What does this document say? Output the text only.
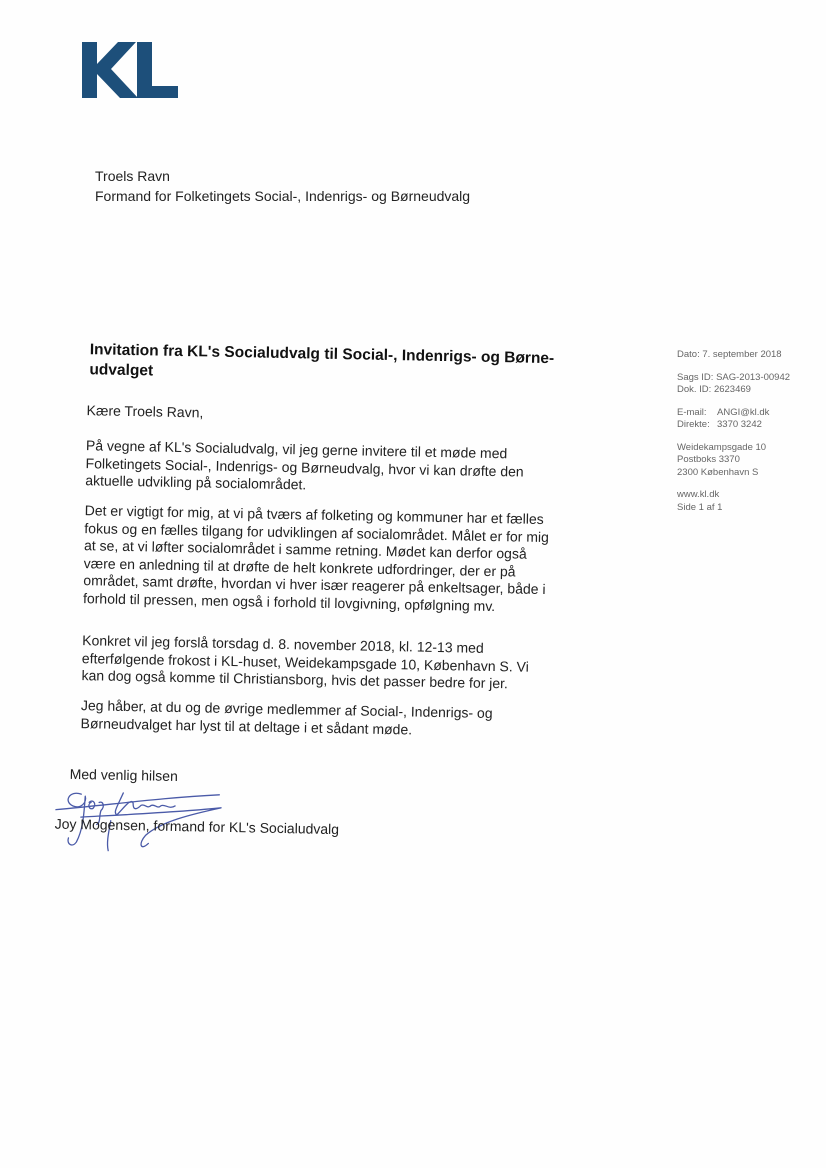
Troels Ravn
Formand for Folketingets Social-, Indenrigs- og Børneudvalg
Invitation fra KL's Socialudvalg til Social-, Indenrigs- og Børne-udvalget
Kære Troels Ravn,
På vegne af KL's Socialudvalg, vil jeg gerne invitere til et møde med Folketingets Social-, Indenrigs- og Børneudvalg, hvor vi kan drøfte den aktuelle udvikling på socialområdet.
Det er vigtigt for mig, at vi på tværs af folketing og kommuner har et fælles fokus og en fælles tilgang for udviklingen af socialområdet. Målet er for mig at se, at vi løfter socialområdet i samme retning. Mødet kan derfor også være en anledning til at drøfte de helt konkrete udfordringer, der er på området, samt drøfte, hvordan vi hver især reagerer på enkeltsager, både i forhold til pressen, men også i forhold til lovgivning, opfølgning mv.
Konkret vil jeg forslå torsdag d. 8. november 2018, kl. 12-13 med efterfølgende frokost i KL-huset, Weidekampsgade 10, København S. Vi kan dog også komme til Christiansborg, hvis det passer bedre for jer.
Jeg håber, at du og de øvrige medlemmer af Social-, Indenrigs- og Børneudvalget har lyst til at deltage i et sådant møde.
Med venlig hilsen
Joy Mogensen, formand for KL's Socialudvalg
Dato: 7. september 2018
Sags ID: SAG-2013-00942
Dok. ID: 2623469
E-mail: ANGI@kl.dk
Direkte: 3370 3242
Weidekampsgade 10
Postboks 3370
2300 København S
www.kl.dk
Side 1 af 1
